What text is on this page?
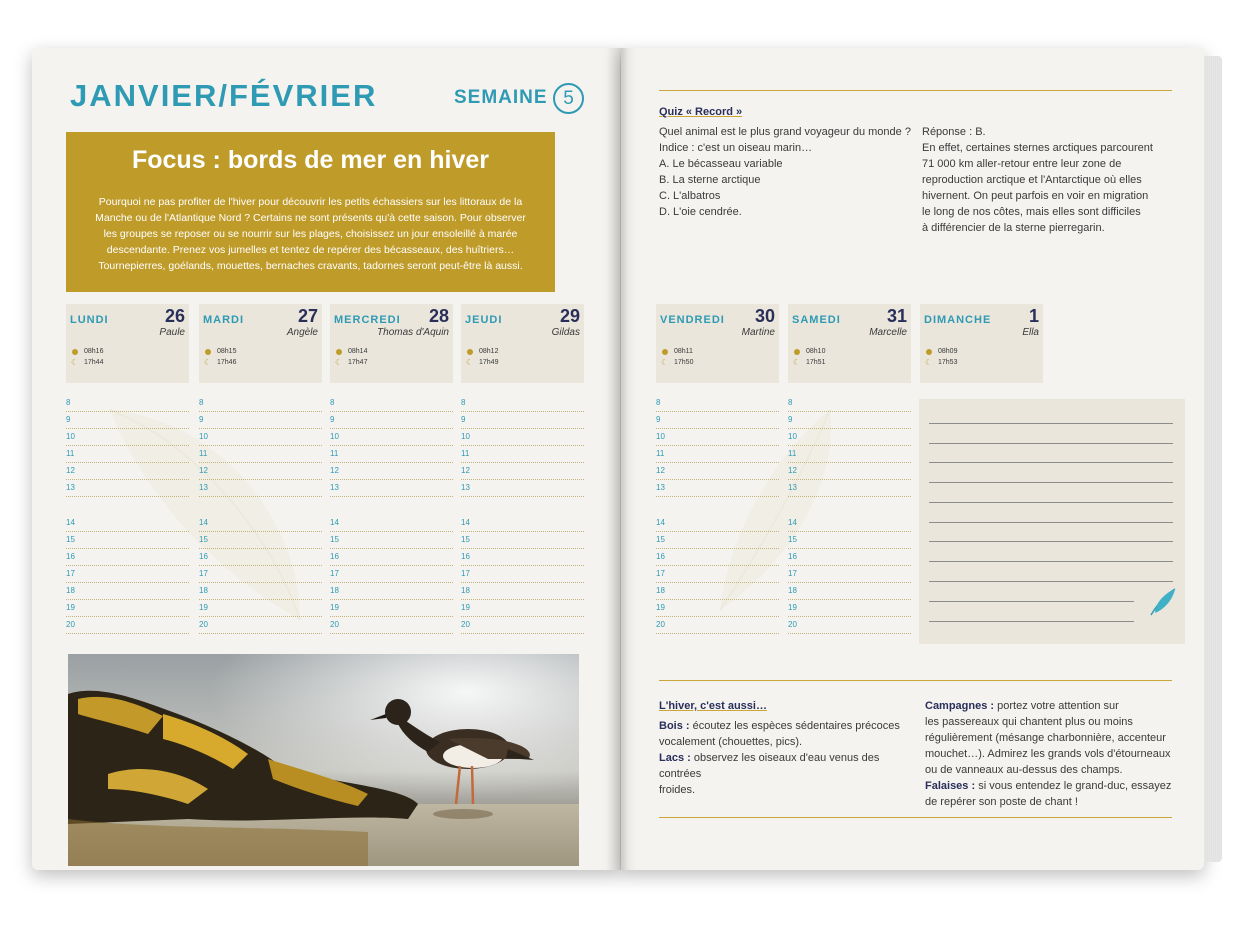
JANVIER/FÉVRIER	SEMAINE 5
Focus : bords de mer en hiver
Pourquoi ne pas profiter de l'hiver pour découvrir les petits échassiers sur les littoraux de la Manche ou de l'Atlantique Nord ? Certains ne sont présents qu'à cette saison. Pour observer les groupes se reposer ou se nourrir sur les plages, choisissez un jour ensoleillé à marée descendante. Prenez vos jumelles et tentez de repérer des bécasseaux, des huîtriers… Tournepierres, goélands, mouettes, bernaches cravants, tadornes seront peut-être là aussi.
LUNDI	26
Paule
☾
08h16
17h44
MARDI	27
Angèle
☾
08h15
17h46
MERCREDI 28
Thomas d'Aquin
☾
08h14
17h47
JEUDI	29
Gildas
☾
08h12
17h49
VENDREDI 30
Martine
☾
08h11
17h50
SAMEDI	31
Marcelle
☾
08h10
17h51
DIMANCHE 1
Ella
☾
08h09
17h53
8
9
10
11
12
13
14
15
16
17
18
19
20
8
9
10
11
12
13
14
15
16
17
18
19
20
8
9
10
11
12
13
14
15
16
17
18
19
20
8
9
10
11
12
13
14
15
16
17
18
19
20
8
9
10
11
12
13
14
15
16
17
18
19
20
8
9
10
11
12
13
14
15
16
17
18
19
20
Quiz « Record »
Quel animal est le plus grand voyageur du monde ?
Indice : c'est un oiseau marin…
A. Le bécasseau variable
B. La sterne arctique
C. L'albatros
D. L'oie cendrée.
Réponse : B.
En effet, certaines sternes arctiques parcourent
71 000 km aller-retour entre leur zone de
reproduction arctique et l'Antarctique où elles
hivernent. On peut parfois en voir en migration
le long de nos côtes, mais elles sont difficiles
à différencier de la sterne pierregarin.
L'hiver, c'est aussi…
Bois : écoutez les espèces sédentaires précoces
vocalement (chouettes, pics).
Lacs : observez les oiseaux d'eau venus des contrées
froides.
Campagnes : portez votre attention sur
les passereaux qui chantent plus ou moins
régulièrement (mésange charbonnière, accenteur
mouchet…). Admirez les grands vols d'étourneaux
ou de vanneaux au-dessus des champs.
Falaises : si vous entendez le grand-duc, essayez
de repérer son poste de chant !
